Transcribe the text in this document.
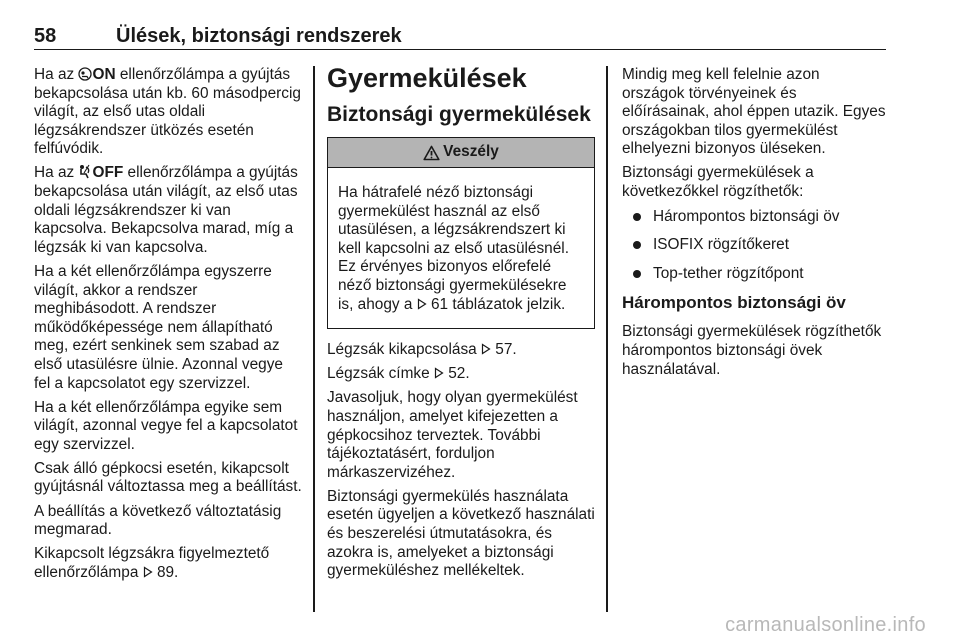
58	Ülések, biztonsági rendszerek

Ha az ON ellenőrzőlámpa a gyújtás bekapcsolása után kb. 60 másodpercig világít, az első utas oldali légzsákrendszer ütközés esetén felfúvódik.

Ha az OFF ellenőrzőlámpa a gyújtás bekapcsolása után világít, az első utas oldali légzsákrendszer ki van kapcsolva. Bekapcsolva marad, míg a légzsák ki van kapcsolva.

Ha a két ellenőrzőlámpa egyszerre világít, akkor a rendszer meghibásodott. A rendszer működőképessége nem állapítható meg, ezért senkinek sem szabad az első utasülésre ülnie. Azonnal vegye fel a kapcsolatot egy szervizzel.

Ha a két ellenőrzőlámpa egyike sem világít, azonnal vegye fel a kapcsolatot egy szervizzel.

Csak álló gépkocsi esetén, kikapcsolt gyújtásnál változtassa meg a beállítást.

A beállítás a következő változtatásig megmarad.

Kikapcsolt légzsákra figyelmeztető ellenőrzőlámpa  89.

Gyermekülések
Biztonsági gyermekülések
Veszély
Ha hátrafelé néző biztonsági gyermekülést használ az első utasülésen, a légzsákrendszert ki kell kapcsolni az első utasülésnél. Ez érvényes bizonyos előrefelé néző biztonsági gyermekülésekre is, ahogy a  61 táblázatok jelzik.

Légzsák kikapcsolása  57.

Légzsák címke  52.

Javasoljuk, hogy olyan gyermekülést használjon, amelyet kifejezetten a gépkocsihoz terveztek. További tájékoztatásért, forduljon márkaszervizéhez.

Biztonsági gyermekülés használata esetén ügyeljen a következő használati és beszerelési útmutatásokra, és azokra is, amelyeket a biztonsági gyermeküléshez mellékeltek.

Mindig meg kell felelnie azon országok törvényeinek és előírásainak, ahol éppen utazik. Egyes országokban tilos gyermekülést elhelyezni bizonyos üléseken.

Biztonsági gyermekülések a következőkkel rögzíthetők:

Hárompontos biztonsági öv
ISOFIX rögzítőkeret
Top-tether rögzítőpont
Hárompontos biztonsági öv

Biztonsági gyermekülések rögzíthetők hárompontos biztonsági övek használatával.

carmanualsonline.info
